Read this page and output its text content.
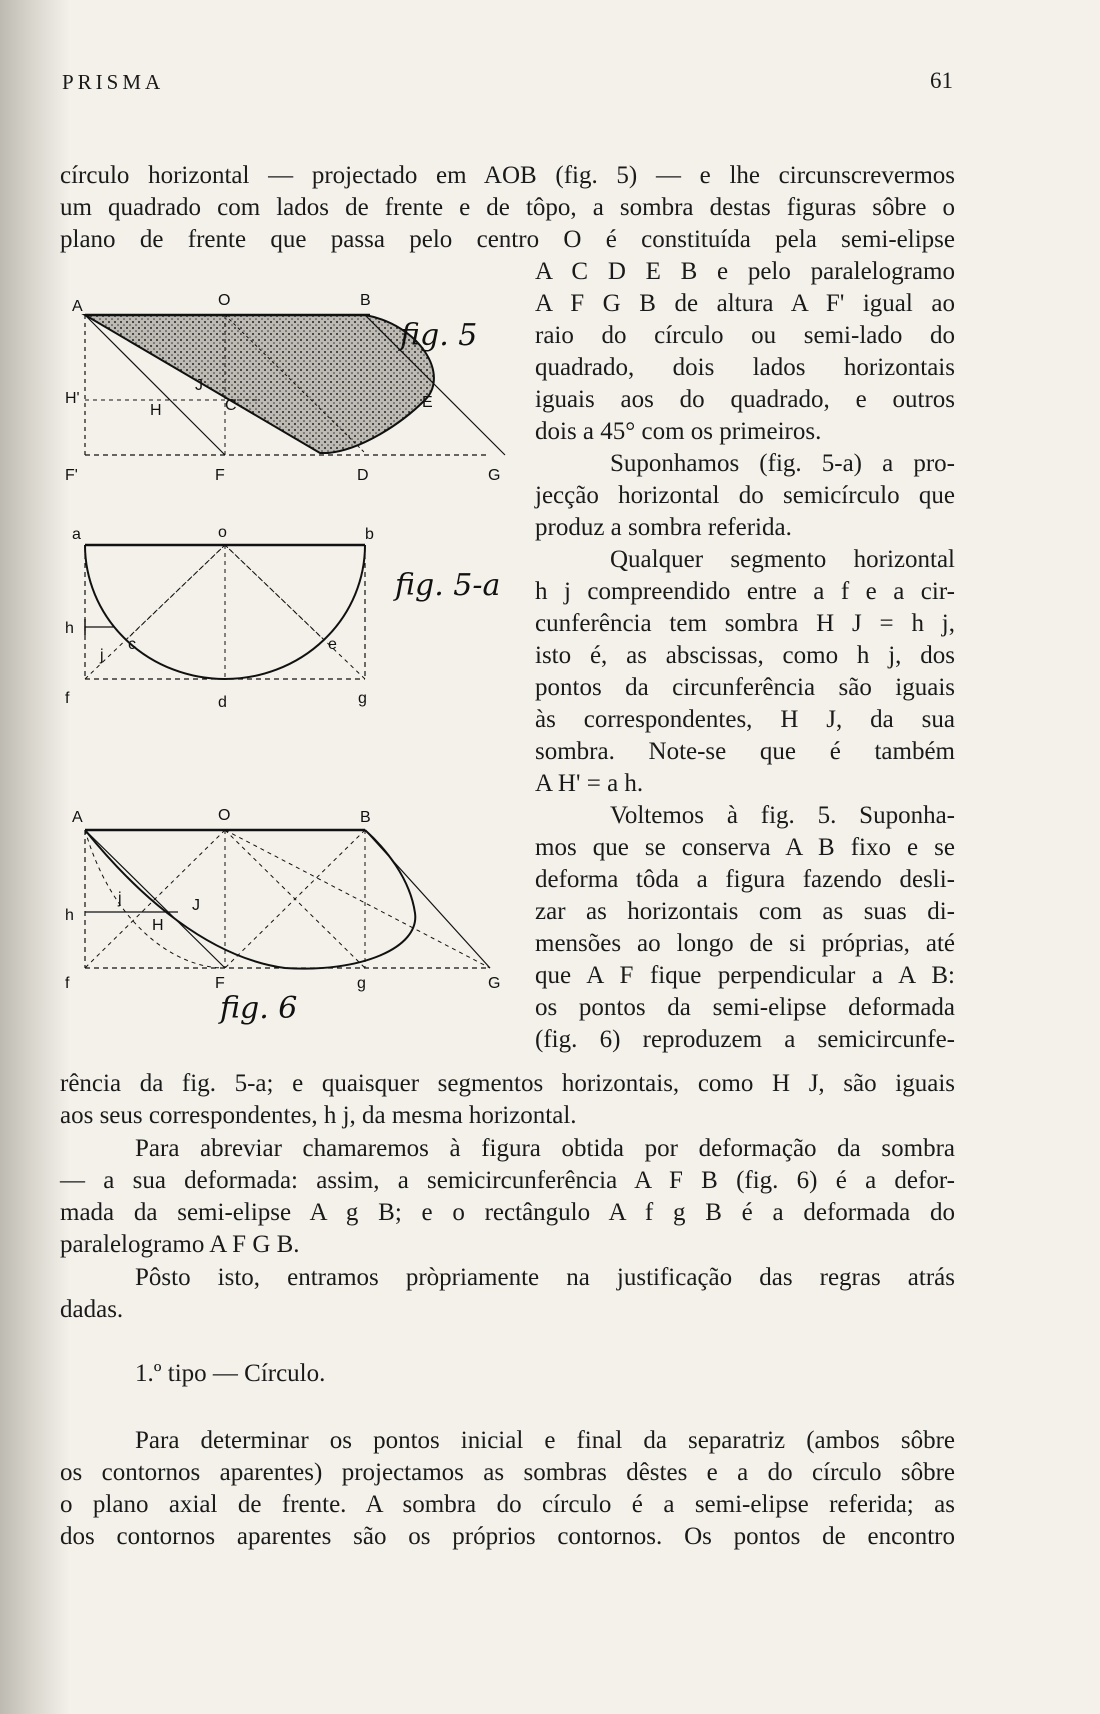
PRISMA	61
círculo horizontal — projectado em AOB (fig. 5) — e lhe circunscrevermos
um quadrado com lados de frente e de tôpo, a sombra destas figuras sôbre o
plano de frente que passa pelo centro O é constituída pela semi-elipse
A C D E B e pelo paralelogramo
A F G B de altura A F' igual ao
raio do círculo ou semi-lado do
quadrado, dois lados horizontais
iguais aos do quadrado, e outros
dois a 45° com os primeiros.
Suponhamos (fig. 5-a) a pro-
jecção horizontal do semicírculo que
produz a sombra referida.
Qualquer segmento horizontal
h j compreendido entre a f e a cir-
cunferência tem sombra H J = h j,
isto é, as abscissas, como h j, dos
pontos da circunferência são iguais
às correspondentes, H J, da sua
sombra. Note-se que é também
A H' = a h.
Voltemos à fig. 5. Suponha-
mos que se conserva A B fixo e se
deforma tôda a figura fazendo desli-
zar as horizontais com as suas di-
mensões ao longo de si próprias, até
que A F fique perpendicular a A B:
os pontos da semi-elipse deformada
(fig. 6) reproduzem a semicircunfe-
rência da fig. 5-a; e quaisquer segmentos horizontais, como H J, são iguais
aos seus correspondentes, h j, da mesma horizontal.
Para abreviar chamaremos à figura obtida por deformação da sombra
— a sua deformada: assim, a semicircunferência A F B (fig. 6) é a defor-
mada da semi-elipse A g B; e o rectângulo A f g B é a deformada do
paralelogramo A F G B.
Pôsto isto, entramos pròpriamente na justificação das regras atrás
dadas.
1.º tipo — Círculo.
Para determinar os pontos inicial e final da separatriz (ambos sôbre
os contornos aparentes) projectamos as sombras dêstes e a do círculo sôbre
o plano axial de frente. A sombra do círculo é a semi-elipse referida; as
dos contornos aparentes são os próprios contornos. Os pontos de encontro
A	O	B
H'
H
J
C	E
F'	F	D	G
fig. 5
a	o	b
h
j
c	e
f	d	g
fig. 5-a
A	O	B
j	J
h
H
f	F	g	G
fig. 6
